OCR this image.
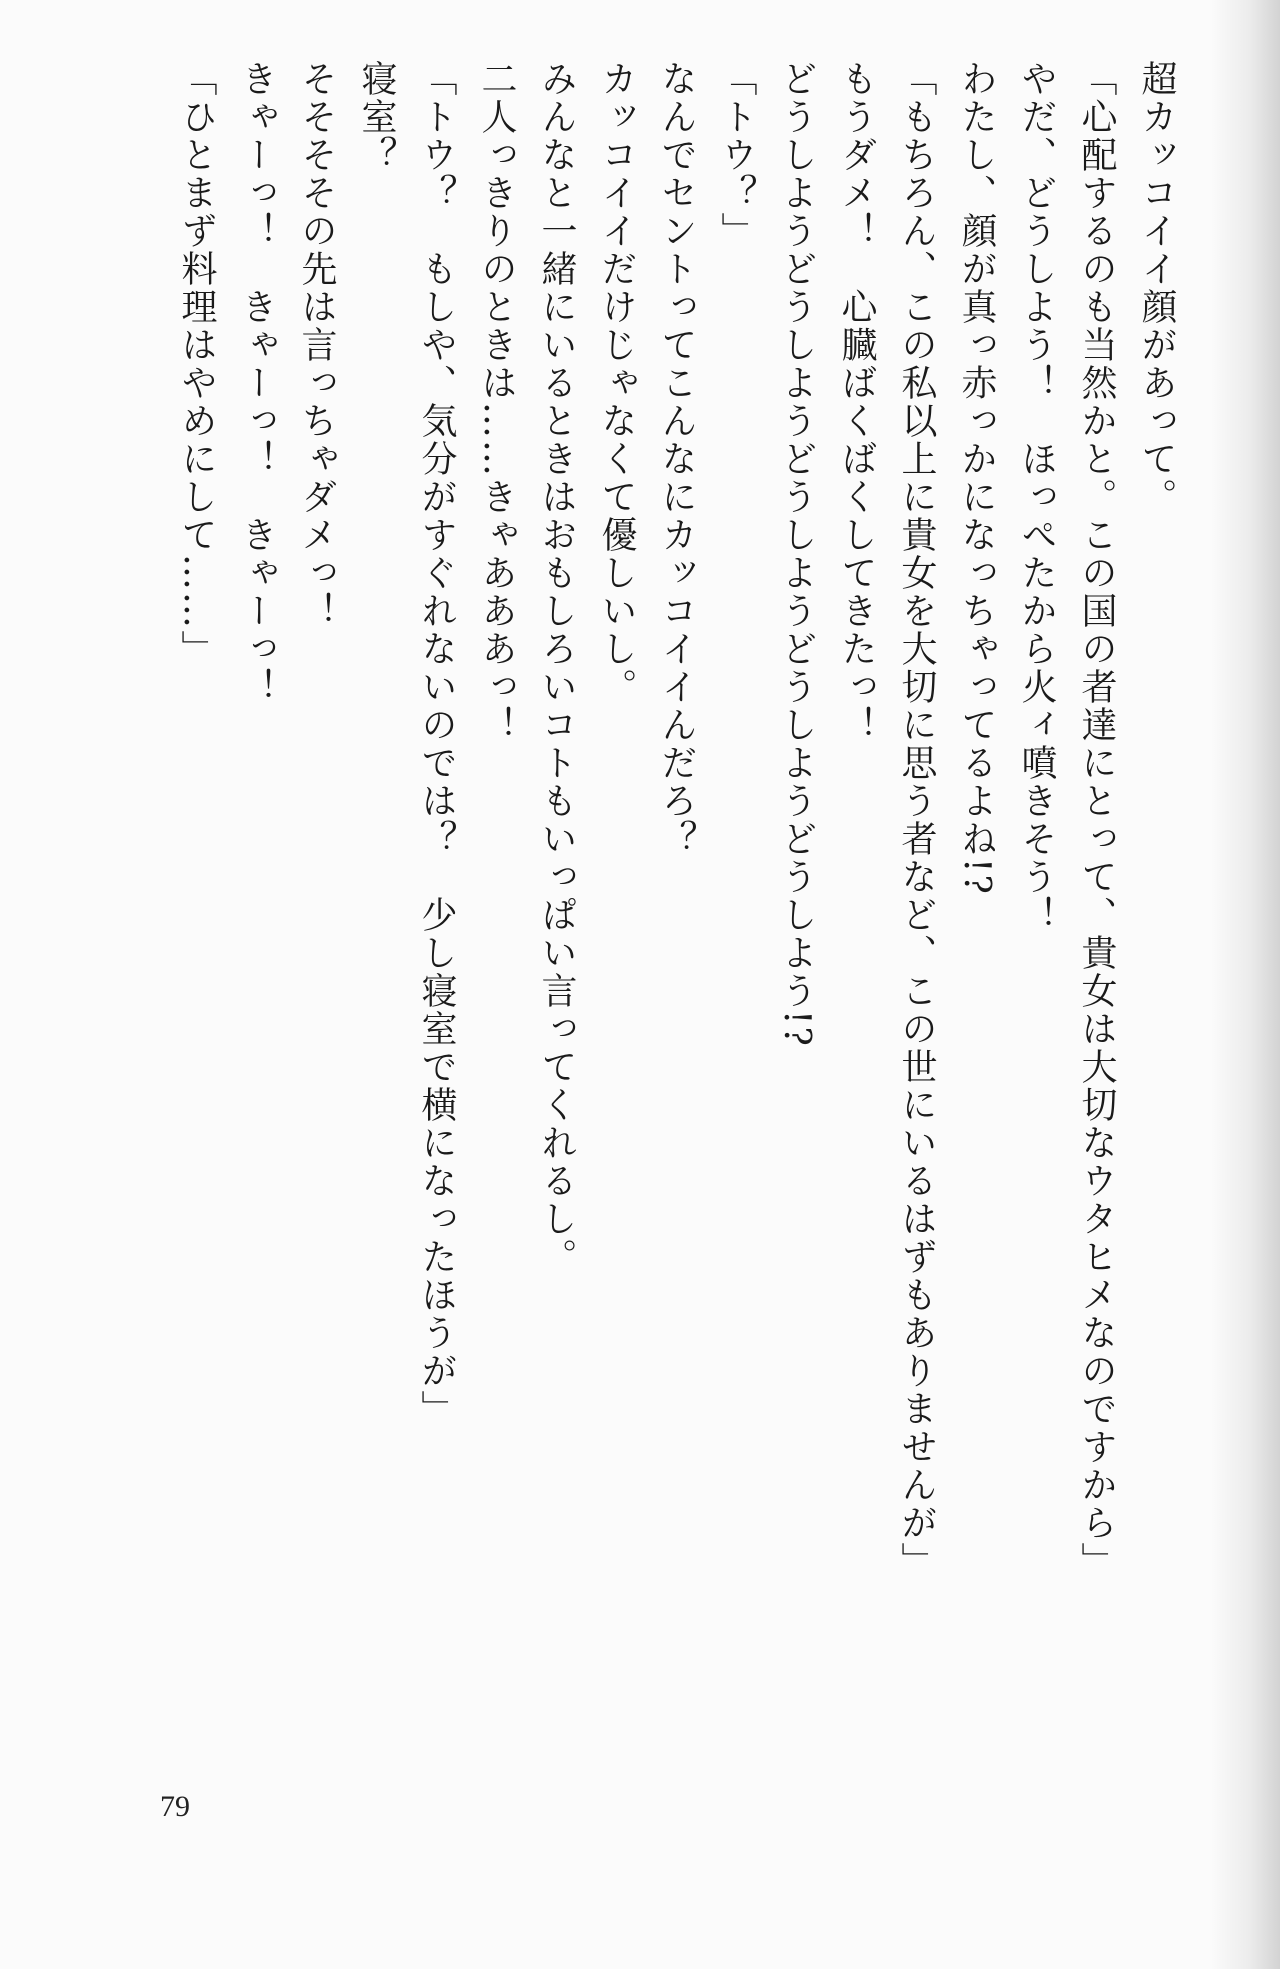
超カッコイイ顔があって。
「心配するのも当然かと。この国の者達にとって、貴女は大切なウタヒメなのですから」
やだ、どうしよう！　ほっぺたから火ィ噴きそう！
わたし、顔が真っ赤っかになっちゃってるよね!?
「もちろん、この私以上に貴女を大切に思う者など、この世にいるはずもありませんが」
もうダメ！　心臓ばくばくしてきたっ！
どうしようどうしようどうしようどうしようどうしよう!?
「トウ？」
なんでセントってこんなにカッコイイんだろ？
カッコイイだけじゃなくて優しいし。
みんなと一緒にいるときはおもしろいコトもいっぱい言ってくれるし。
二人っきりのときは……きゃあああっ！
「トウ？　もしや、気分がすぐれないのでは？　少し寝室で横になったほうが」
寝室？
そそそその先は言っちゃダメっ！
きゃーっ！　きゃーっ！　きゃーっ！
「ひとまず料理はやめにして……」
79
